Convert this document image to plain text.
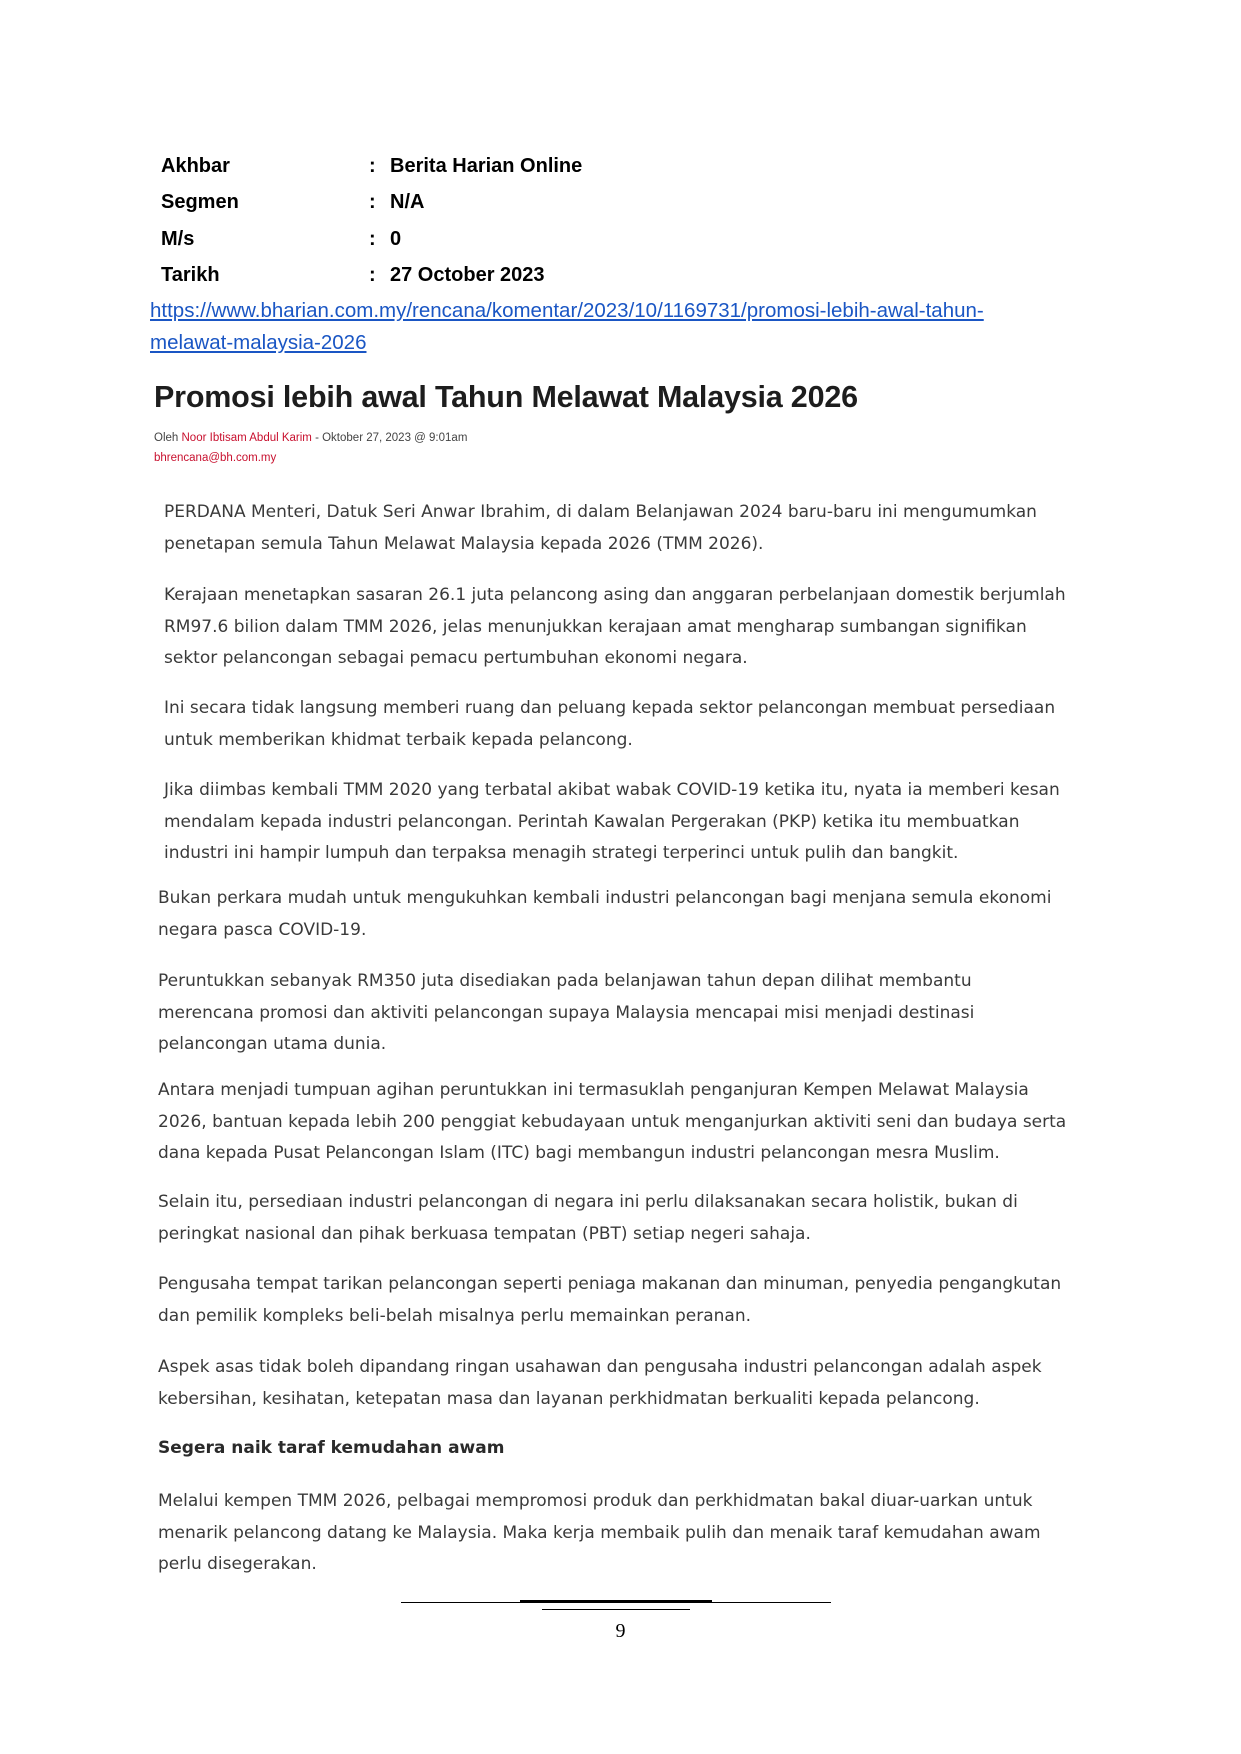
Akhbar	: Berita Harian Online
Segmen	: N/A
M/s	: 0
Tarikh	: 27 October 2023
https://www.bharian.com.my/rencana/komentar/2023/10/1169731/promosi-lebih-awal-tahun-
melawat-malaysia-2026
Promosi lebih awal Tahun Melawat Malaysia 2026
Oleh Noor Ibtisam Abdul Karim - Oktober 27, 2023 @ 9:01am
bhrencana@bh.com.my
PERDANA Menteri, Datuk Seri Anwar Ibrahim, di dalam Belanjawan 2024 baru-baru ini mengumumkan
penetapan semula Tahun Melawat Malaysia kepada 2026 (TMM 2026).
Kerajaan menetapkan sasaran 26.1 juta pelancong asing dan anggaran perbelanjaan domestik berjumlah
RM97.6 bilion dalam TMM 2026, jelas menunjukkan kerajaan amat mengharap sumbangan signifikan
sektor pelancongan sebagai pemacu pertumbuhan ekonomi negara.
Ini secara tidak langsung memberi ruang dan peluang kepada sektor pelancongan membuat persediaan
untuk memberikan khidmat terbaik kepada pelancong.
Jika diimbas kembali TMM 2020 yang terbatal akibat wabak COVID-19 ketika itu, nyata ia memberi kesan
mendalam kepada industri pelancongan. Perintah Kawalan Pergerakan (PKP) ketika itu membuatkan
industri ini hampir lumpuh dan terpaksa menagih strategi terperinci untuk pulih dan bangkit.
Bukan perkara mudah untuk mengukuhkan kembali industri pelancongan bagi menjana semula ekonomi
negara pasca COVID-19.
Peruntukkan sebanyak RM350 juta disediakan pada belanjawan tahun depan dilihat membantu
merencana promosi dan aktiviti pelancongan supaya Malaysia mencapai misi menjadi destinasi
pelancongan utama dunia.
Antara menjadi tumpuan agihan peruntukkan ini termasuklah penganjuran Kempen Melawat Malaysia
2026, bantuan kepada lebih 200 penggiat kebudayaan untuk menganjurkan aktiviti seni dan budaya serta
dana kepada Pusat Pelancongan Islam (ITC) bagi membangun industri pelancongan mesra Muslim.
Selain itu, persediaan industri pelancongan di negara ini perlu dilaksanakan secara holistik, bukan di
peringkat nasional dan pihak berkuasa tempatan (PBT) setiap negeri sahaja.
Pengusaha tempat tarikan pelancongan seperti peniaga makanan dan minuman, penyedia pengangkutan
dan pemilik kompleks beli-belah misalnya perlu memainkan peranan.
Aspek asas tidak boleh dipandang ringan usahawan dan pengusaha industri pelancongan adalah aspek
kebersihan, kesihatan, ketepatan masa dan layanan perkhidmatan berkualiti kepada pelancong.
Segera naik taraf kemudahan awam
Melalui kempen TMM 2026, pelbagai mempromosi produk dan perkhidmatan bakal diuar-uarkan untuk
menarik pelancong datang ke Malaysia. Maka kerja membaik pulih dan menaik taraf kemudahan awam
perlu disegerakan.
9
